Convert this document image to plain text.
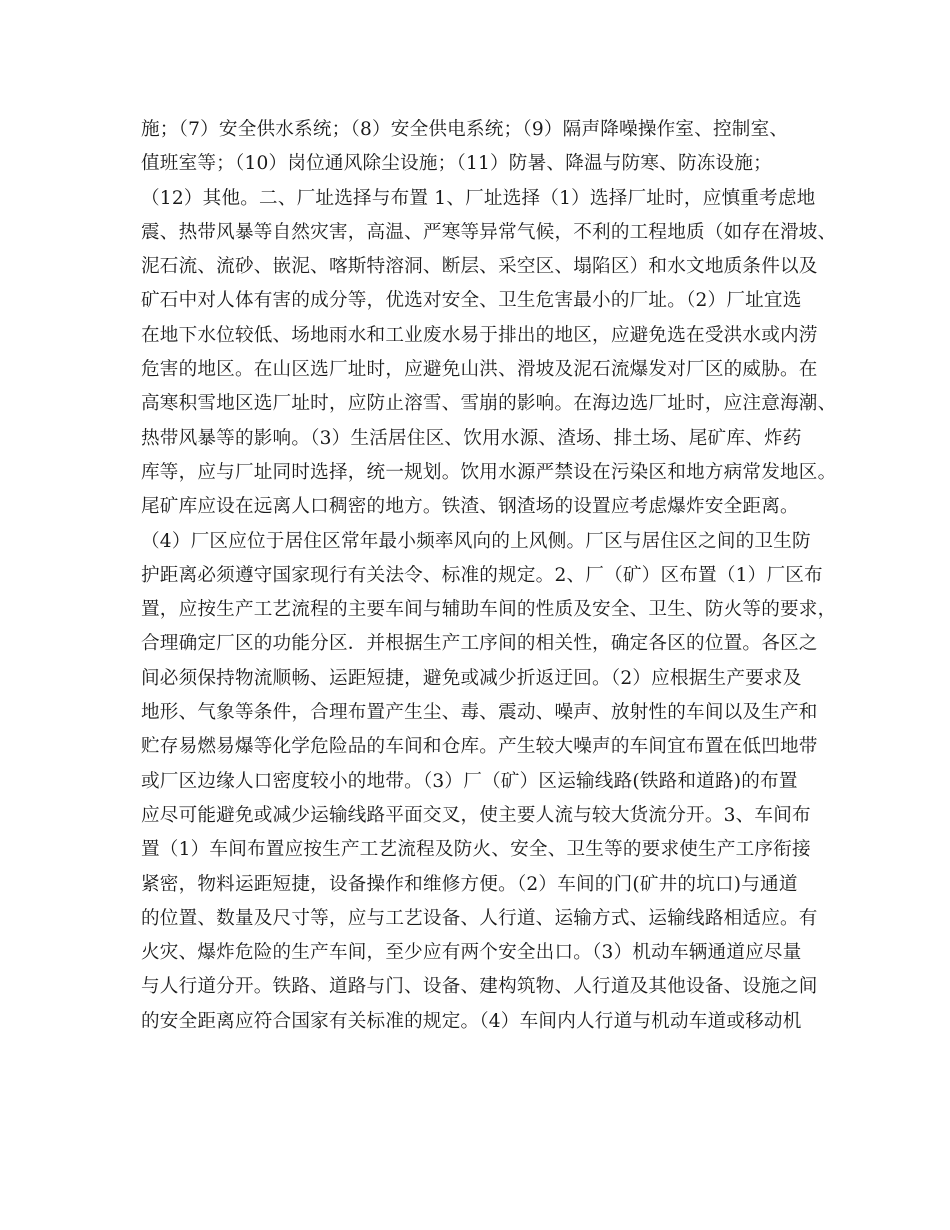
施；（7）安全供水系统；（8）安全供电系统；（9）隔声降噪操作室、控制室、
值班室等；（10）岗位通风除尘设施；（11）防暑、降温与防寒、防冻设施；
（12）其他。二、厂址选择与布置 1、厂址选择（1）选择厂址时，应慎重考虑地
震、热带风暴等自然灾害，高温、严寒等异常气候，不利的工程地质（如存在滑坡、
泥石流、流砂、嵌泥、喀斯特溶洞、断层、采空区、塌陷区）和水文地质条件以及
矿石中对人体有害的成分等，优选对安全、卫生危害最小的厂址。（2）厂址宜选
在地下水位较低、场地雨水和工业废水易于排出的地区，应避免选在受洪水或内涝
危害的地区。在山区选厂址时，应避免山洪、滑坡及泥石流爆发对厂区的威胁。在
高寒积雪地区选厂址时，应防止溶雪、雪崩的影响。在海边选厂址时，应注意海潮、
热带风暴等的影响。（3）生活居住区、饮用水源、渣场、排土场、尾矿库、炸药
库等，应与厂址同时选择，统一规划。饮用水源严禁设在污染区和地方病常发地区。
尾矿库应设在远离人口稠密的地方。铁渣、钢渣场的设置应考虑爆炸安全距离。
（4）厂区应位于居住区常年最小频率风向的上风侧。厂区与居住区之间的卫生防
护距离必须遵守国家现行有关法令、标准的规定。2、厂（矿）区布置（1）厂区布
置，应按生产工艺流程的主要车间与辅助车间的性质及安全、卫生、防火等的要求，
合理确定厂区的功能分区．并根据生产工序间的相关性，确定各区的位置。各区之
间必须保持物流顺畅、运距短捷，避免或减少折返迂回。（2）应根据生产要求及
地形、气象等条件，合理布置产生尘、毒、震动、噪声、放射性的车间以及生产和
贮存易燃易爆等化学危险品的车间和仓库。产生较大噪声的车间宜布置在低凹地带
或厂区边缘人口密度较小的地带。（3）厂（矿）区运输线路(铁路和道路)的布置
应尽可能避免或减少运输线路平面交叉，使主要人流与较大货流分开。3、车间布
置（1）车间布置应按生产工艺流程及防火、安全、卫生等的要求使生产工序衔接
紧密，物料运距短捷，设备操作和维修方便。（2）车间的门(矿井的坑口)与通道
的位置、数量及尺寸等，应与工艺设备、人行道、运输方式、运输线路相适应。有
火灾、爆炸危险的生产车间，至少应有两个安全出口。（3）机动车辆通道应尽量
与人行道分开。铁路、道路与门、设备、建构筑物、人行道及其他设备、设施之间
的安全距离应符合国家有关标准的规定。（4）车间内人行道与机动车道或移动机
